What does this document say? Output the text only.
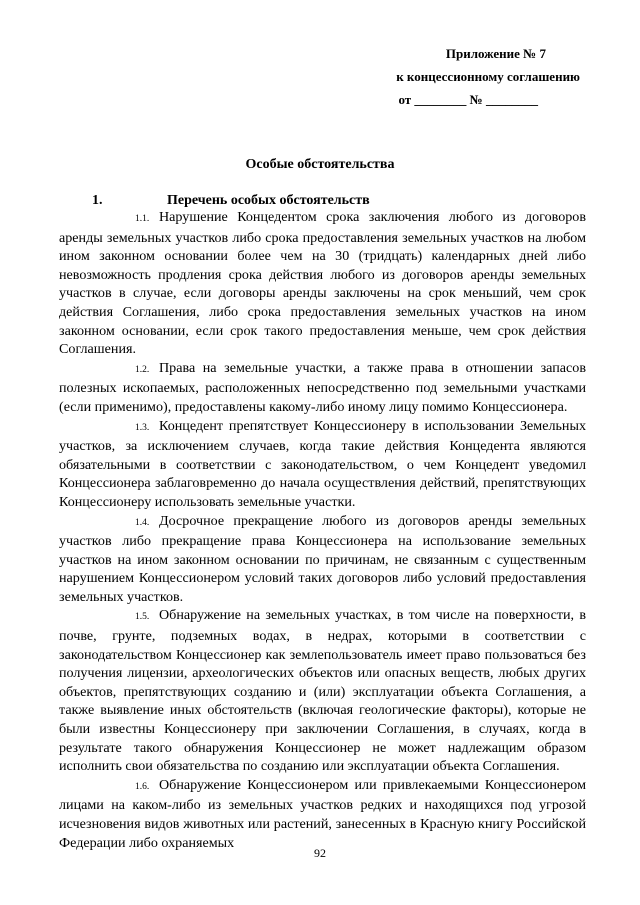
Приложение № 7
к концессионному соглашению
от ________ № ________
Особые обстоятельства
1.	Перечень особых обстоятельств

1.1. Нарушение Концедентом срока заключения любого из договоров аренды земельных участков либо срока предоставления земельных участков на любом ином законном основании более чем на 30 (тридцать) календарных дней либо невозможность продления срока действия любого из договоров аренды земельных участков в случае, если договоры аренды заключены на срок меньший, чем срок действия Соглашения, либо срока предоставления земельных участков на ином законном основании, если срок такого предоставления меньше, чем срок действия Соглашения.

1.2. Права на земельные участки, а также права в отношении запасов полезных ископаемых, расположенных непосредственно под земельными участками (если применимо), предоставлены какому-либо иному лицу помимо Концессионера.

1.3. Концедент препятствует Концессионеру в использовании Земельных участков, за исключением случаев, когда такие действия Концедента являются обязательными в соответствии с законодательством, о чем Концедент уведомил Концессионера заблаговременно до начала осуществления действий, препятствующих Концессионеру использовать земельные участки.

1.4. Досрочное прекращение любого из договоров аренды земельных участков либо прекращение права Концессионера на использование земельных участков на ином законном основании по причинам, не связанным с существенным нарушением Концессионером условий таких договоров либо условий предоставления земельных участков.

1.5. Обнаружение на земельных участках, в том числе на поверхности, в почве, грунте, подземных водах, в недрах, которыми в соответствии с законодательством Концессионер как землепользователь имеет право пользоваться без получения лицензии, археологических объектов или опасных веществ, любых других объектов, препятствующих созданию и (или) эксплуатации объекта Соглашения, а также выявление иных обстоятельств (включая геологические факторы), которые не были известны Концессионеру при заключении Соглашения, в случаях, когда в результате такого обнаружения Концессионер не может надлежащим образом исполнить свои обязательства по созданию или эксплуатации объекта Соглашения.

1.6. Обнаружение Концессионером или привлекаемыми Концессионером лицами на каком-либо из земельных участков редких и находящихся под угрозой исчезновения видов животных или растений, занесенных в Красную книгу Российской Федерации либо охраняемых

92
